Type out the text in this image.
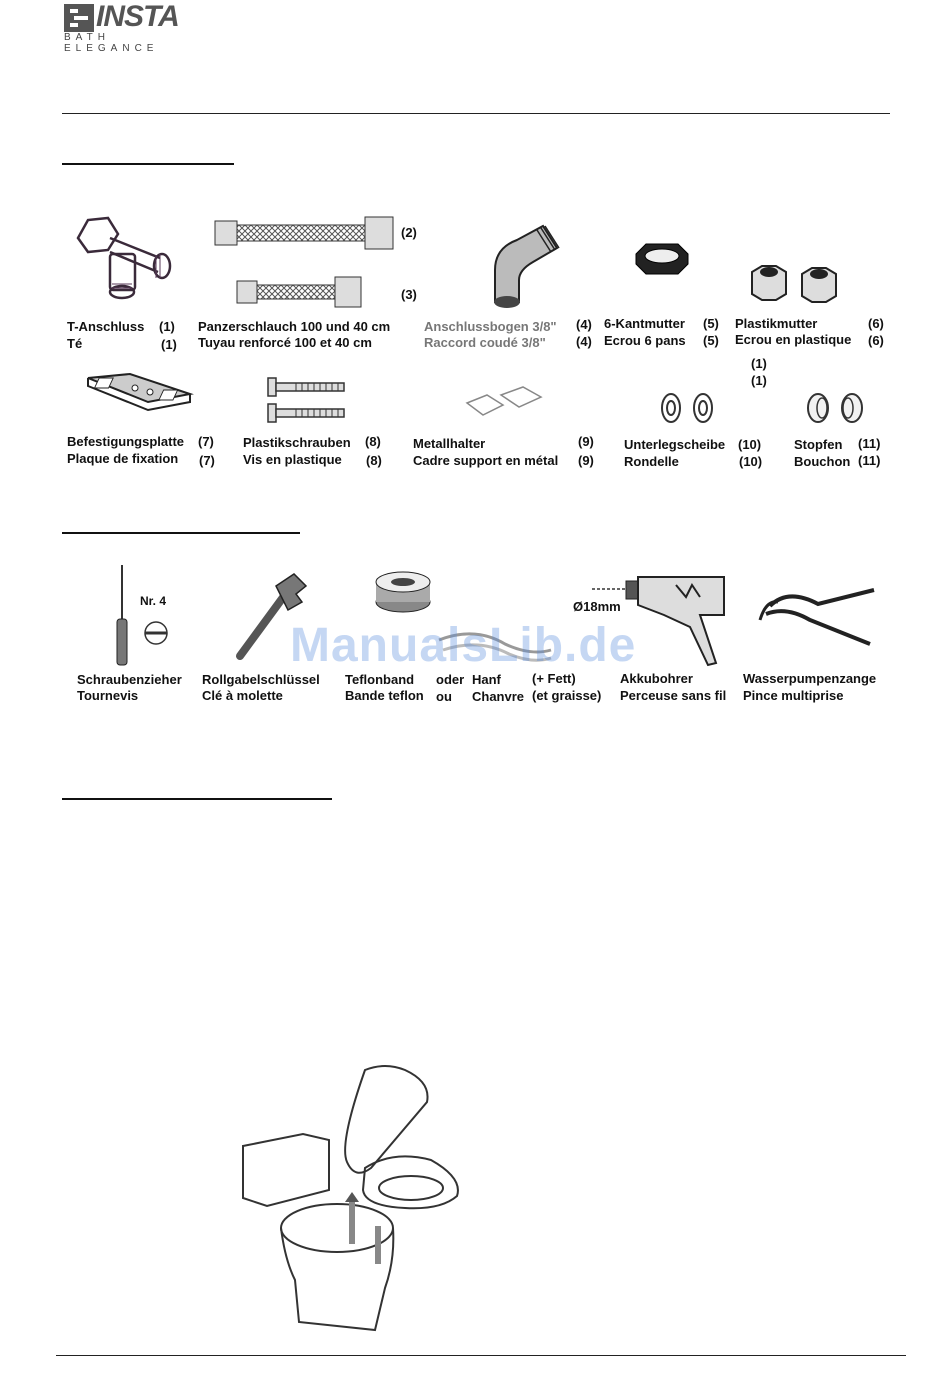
INSTA
BATH ELEGANCE
T-Anschluss (1)
Té	(1)
(2)
(3)
Panzerschlauch 100 und 40 cm
Tuyau renforcé 100 et 40 cm
Anschlussbogen 3/8" (4)
Raccord coudé 3/8" (4)
6-Kantmutter (5)
Ecrou 6 pans (5)
Plastikmutter	(6)
Ecrou en plastique (6)
(1)
(1)
Befestigungsplatte (7)
Plaque de fixation (7)
Plastikschrauben (8)
Vis en plastique (8)
Metallhalter	(9)
Cadre support en métal (9)
Unterlegscheibe (10)
Rondelle	(10)
Stopfen (11)
Bouchon (11)
Nr. 4
Schraubenzieher
Tournevis
Rollgabelschlüssel
Clé à molette
Teflonband
Bande teflon
oder
ou
Hanf
Chanvre
(+ Fett)
(et graisse)
Ø18mm
Akkubohrer
Perceuse sans fil
Wasserpumpenzange
Pince multiprise
ManualsLib.de
